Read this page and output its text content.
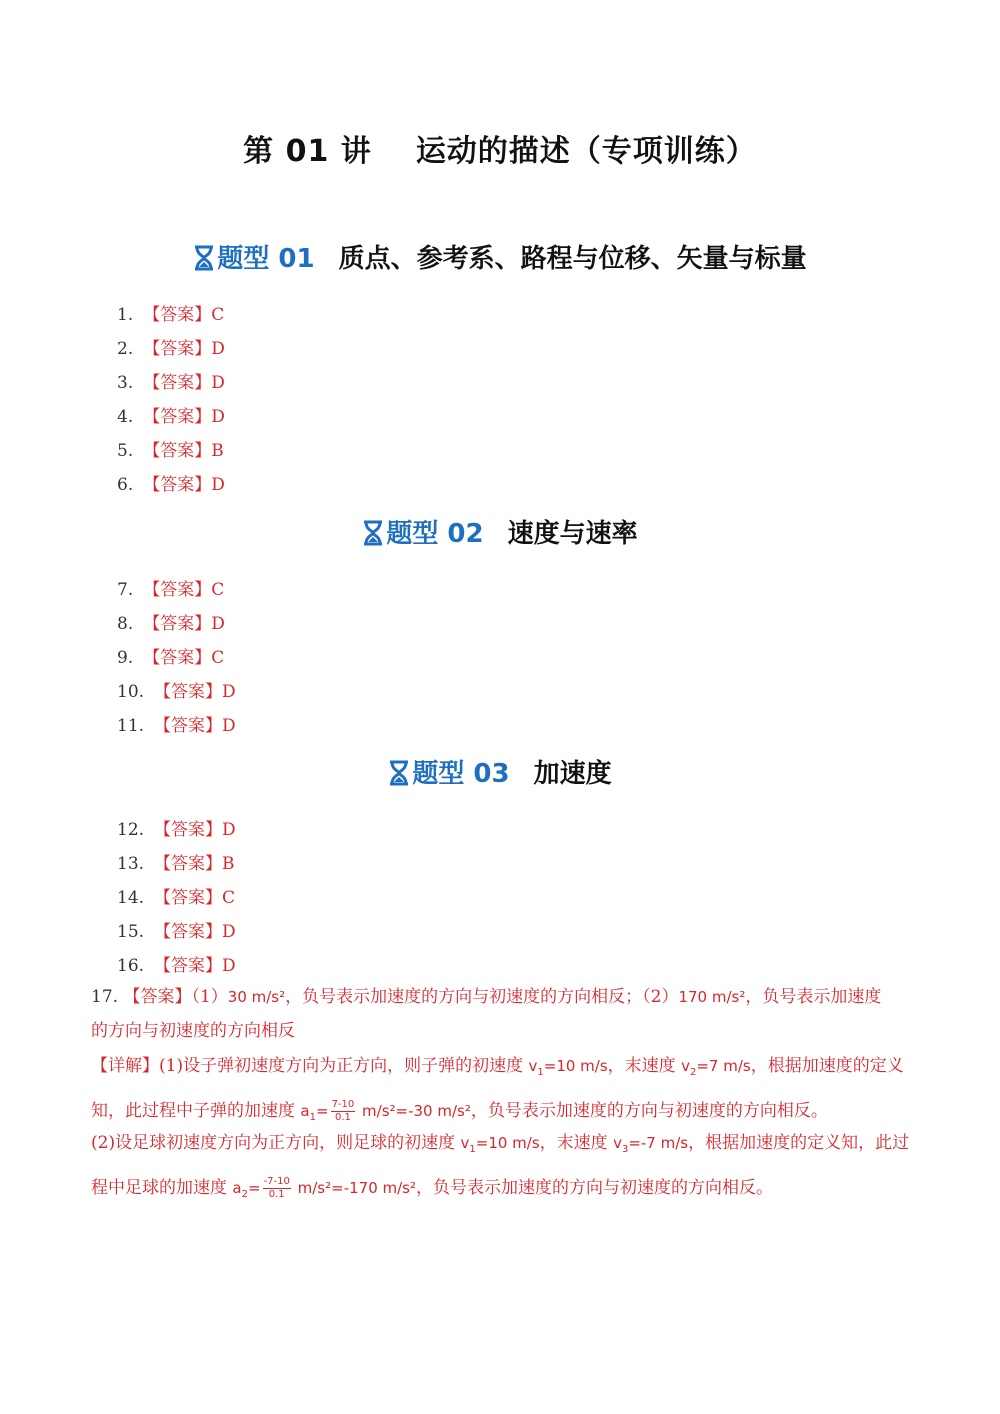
第 01 讲 运动的描述（专项训练）
题型 01 质点、参考系、路程与位移、矢量与标量
1. 【答案】C
2. 【答案】D
3. 【答案】D
4. 【答案】D
5. 【答案】B
6. 【答案】D
题型 02 速度与速率
7. 【答案】C
8. 【答案】D
9. 【答案】C
10. 【答案】D
11. 【答案】D
题型 03 加速度
12. 【答案】D
13. 【答案】B
14. 【答案】C
15. 【答案】D
16. 【答案】D
17. 【答案】（1）30 m/s²，负号表示加速度的方向与初速度的方向相反；（2）170 m/s²，负号表示加速度
的方向与初速度的方向相反
【详解】(1)设子弹初速度方向为正方向，则子弹的初速度 $v_1=10$ m/s，末速度 $v_2=7$ m/s，根据加速度的定义
知，此过程中子弹的加速度 $a_1= \frac{7-10}{0.1} m/s^2=-30$ m/s²，负号表示加速度的方向与初速度的方向相反。
(2)设足球初速度方向为正方向，则足球的初速度 $v_1=10$ m/s，末速度 $v_3=-7$ m/s，根据加速度的定义知，此过
程中足球的加速度 $a_2= \frac{-7-10}{0.1} m/s^2=-170$ m/s²，负号表示加速度的方向与初速度的方向相反。
